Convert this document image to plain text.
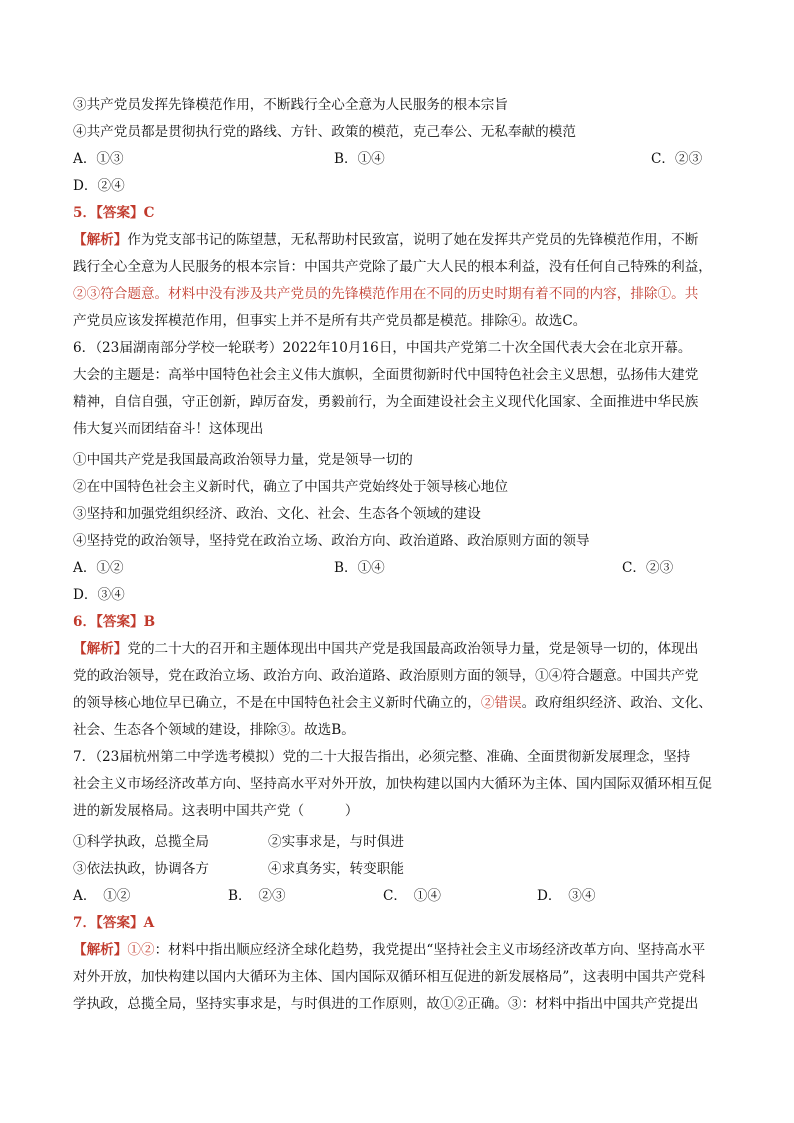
③共产党员发挥先锋模范作用，不断践行全心全意为人民服务的根本宗旨
④共产党员都是贯彻执行党的路线、方针、政策的模范，克己奉公、无私奉献的模范
A．①③	B．①④	C．②③
D．②④
5．【答案】C
【解析】作为党支部书记的陈望慧，无私帮助村民致富，说明了她在发挥共产党员的先锋模范作用，不断
践行全心全意为人民服务的根本宗旨：中国共产党除了最广大人民的根本利益，没有任何自己特殊的利益，
②③符合题意。材料中没有涉及共产党员的先锋模范作用在不同的历史时期有着不同的内容，排除①。共
产党员应该发挥模范作用，但事实上并不是所有共产党员都是模范。排除④。故选C。
6．（23届湖南部分学校一轮联考）2022年10月16日，中国共产党第二十次全国代表大会在北京开幕。
大会的主题是：高举中国特色社会主义伟大旗帜，全面贯彻新时代中国特色社会主义思想，弘扬伟大建党
精神，自信自强，守正创新，踔厉奋发，勇毅前行，为全面建设社会主义现代化国家、全面推进中华民族
伟大复兴而团结奋斗！这体现出
①中国共产党是我国最高政治领导力量，党是领导一切的
②在中国特色社会主义新时代，确立了中国共产党始终处于领导核心地位
③坚持和加强党组织经济、政治、文化、社会、生态各个领域的建设
④坚持党的政治领导，坚持党在政治立场、政治方向、政治道路、政治原则方面的领导
A．①②	B．①④	C．②③
D．③④
6．【答案】B
【解析】党的二十大的召开和主题体现出中国共产党是我国最高政治领导力量，党是领导一切的，体现出
党的政治领导，党在政治立场、政治方向、政治道路、政治原则方面的领导，①④符合题意。中国共产党
的领导核心地位早已确立，不是在中国特色社会主义新时代确立的，②错误。政府组织经济、政治、文化、
社会、生态各个领域的建设，排除③。故选B。
7．（23届杭州第二中学选考模拟）党的二十大报告指出，必须完整、准确、全面贯彻新发展理念，坚持
社会主义市场经济改革方向、坚持高水平对外开放，加快构建以国内大循环为主体、国内国际双循环相互促
进的新发展格局。这表明中国共产党（　　　）
①科学执政，总揽全局	②实事求是，与时俱进
③依法执政，协调各方	④求真务实，转变职能
A．　①②	B．　②③	C．　①④	D．　③④
7．【答案】A
【解析】①②：材料中指出顺应经济全球化趋势，我党提出“坚持社会主义市场经济改革方向、坚持高水平
对外开放，加快构建以国内大循环为主体、国内国际双循环相互促进的新发展格局”，这表明中国共产党科
学执政，总揽全局，坚持实事求是，与时俱进的工作原则，故①②正确。③：材料中指出中国共产党提出
